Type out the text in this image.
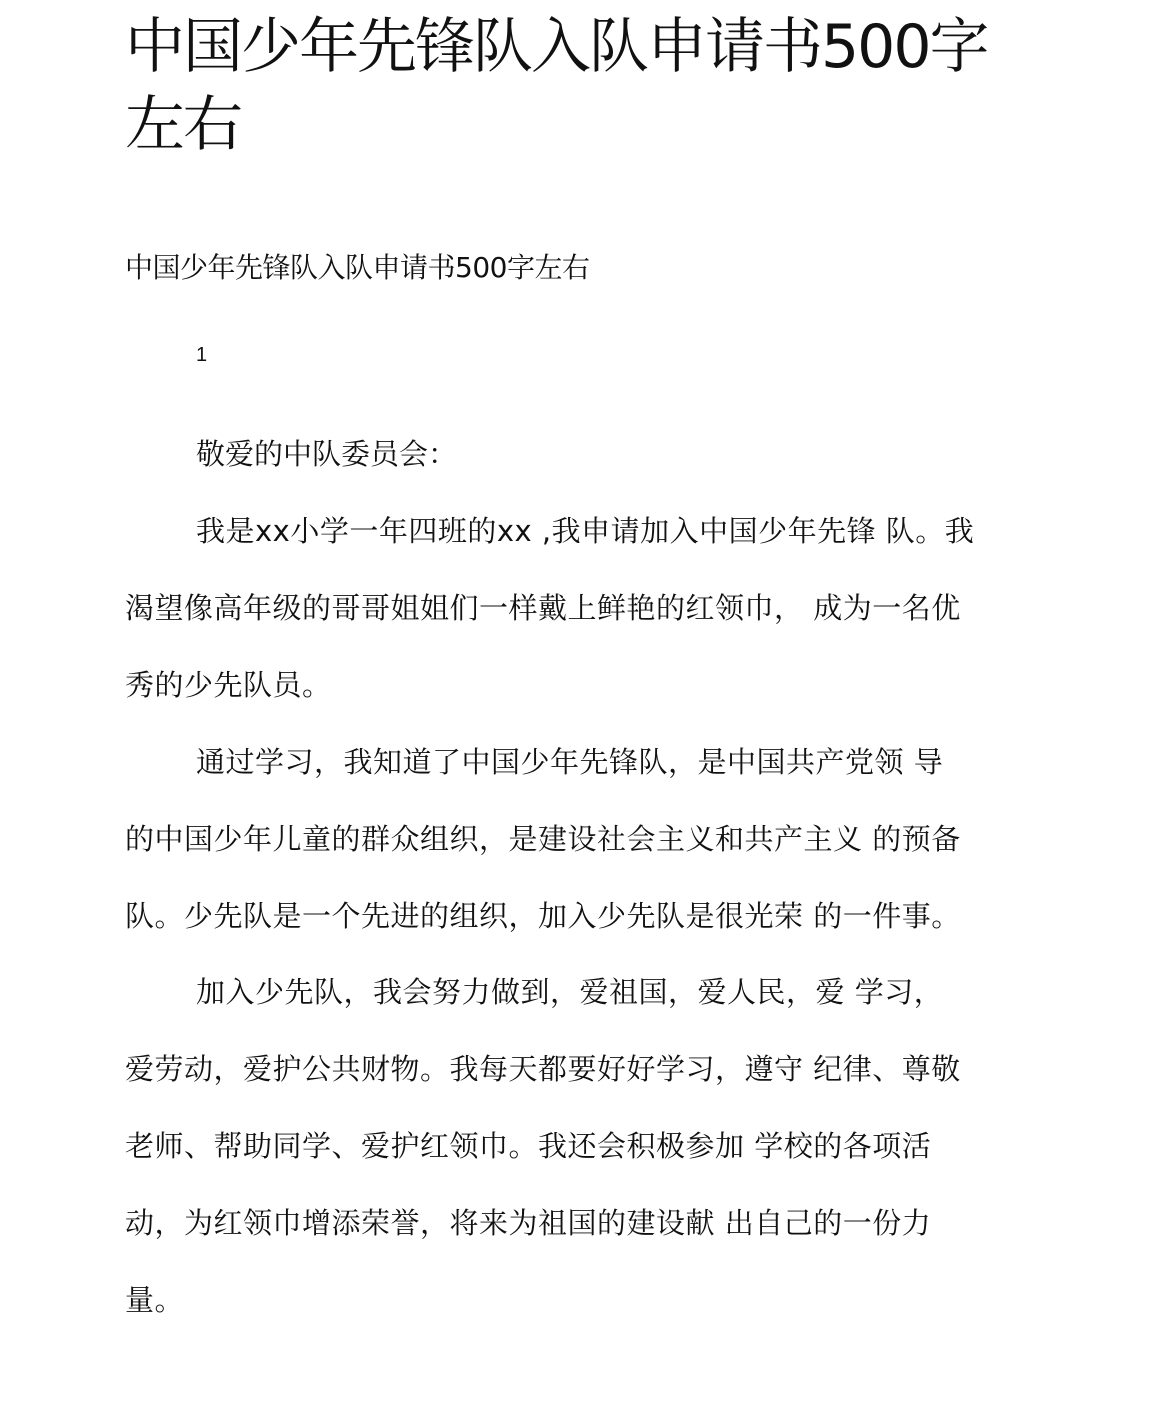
中国少年先锋队入队申请书500字
左右
中国少年先锋队入队申请书500字左右
1
敬爱的中队委员会：
我是xx小学一年四班的xx ,我申请加入中国少年先锋 队。我
渴望像高年级的哥哥姐姐们一样戴上鲜艳的红领巾， 成为一名优
秀的少先队员。
通过学习，我知道了中国少年先锋队，是中国共产党领 导
的中国少年儿童的群众组织，是建设社会主义和共产主义 的预备
队。少先队是一个先进的组织，加入少先队是很光荣 的一件事。
加入少先队，我会努力做到，爱祖国，爱人民，爱 学习，
爱劳动，爱护公共财物。我每天都要好好学习，遵守 纪律、尊敬
老师、帮助同学、爱护红领巾。我还会积极参加 学校的各项活
动，为红领巾增添荣誉，将来为祖国的建设献 出自己的一份力
量。
